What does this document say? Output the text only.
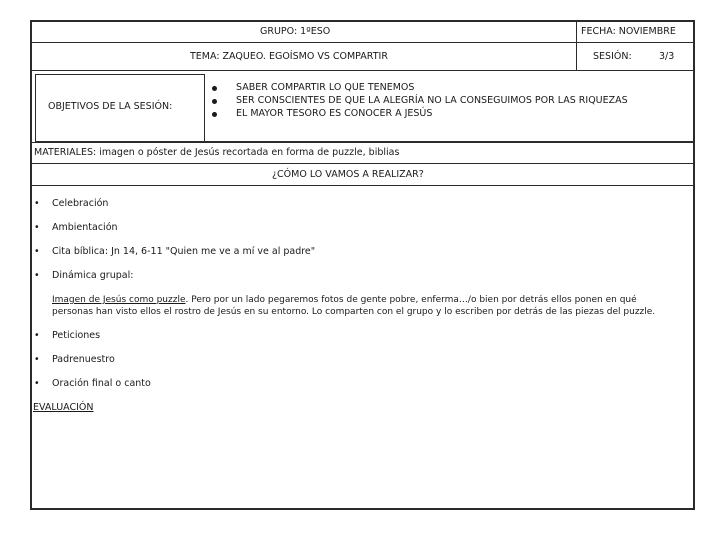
GRUPO: 1ºESO	FECHA: NOVIEMBRE
TEMA: ZAQUEO. EGOÍSMO VS COMPARTIR	SESIÓN:	3/3
OBJETIVOS DE LA SESIÓN:
SABER COMPARTIR LO QUE TENEMOS
SER CONSCIENTES DE QUE LA ALEGRÍA NO LA CONSEGUIMOS POR LAS RIQUEZAS
EL MAYOR TESORO ES CONOCER A JESÚS
MATERIALES: imagen o póster de Jesús recortada en forma de puzzle, biblias
¿CÓMO LO VAMOS A REALIZAR?
• Celebración
• Ambientación
• Cita bíblica: Jn 14, 6-11 "Quien me ve a mí ve al padre"
• Dinámica grupal:
Imagen de Jesús como puzzle. Pero por un lado pegaremos fotos de gente pobre, enferma…/o bien por detrás ellos ponen en qué personas han visto ellos el rostro de Jesús en su entorno. Lo comparten con el grupo y lo escriben por detrás de las piezas del puzzle.
• Peticiones
• Padrenuestro
• Oración final o canto
EVALUACIÓN
